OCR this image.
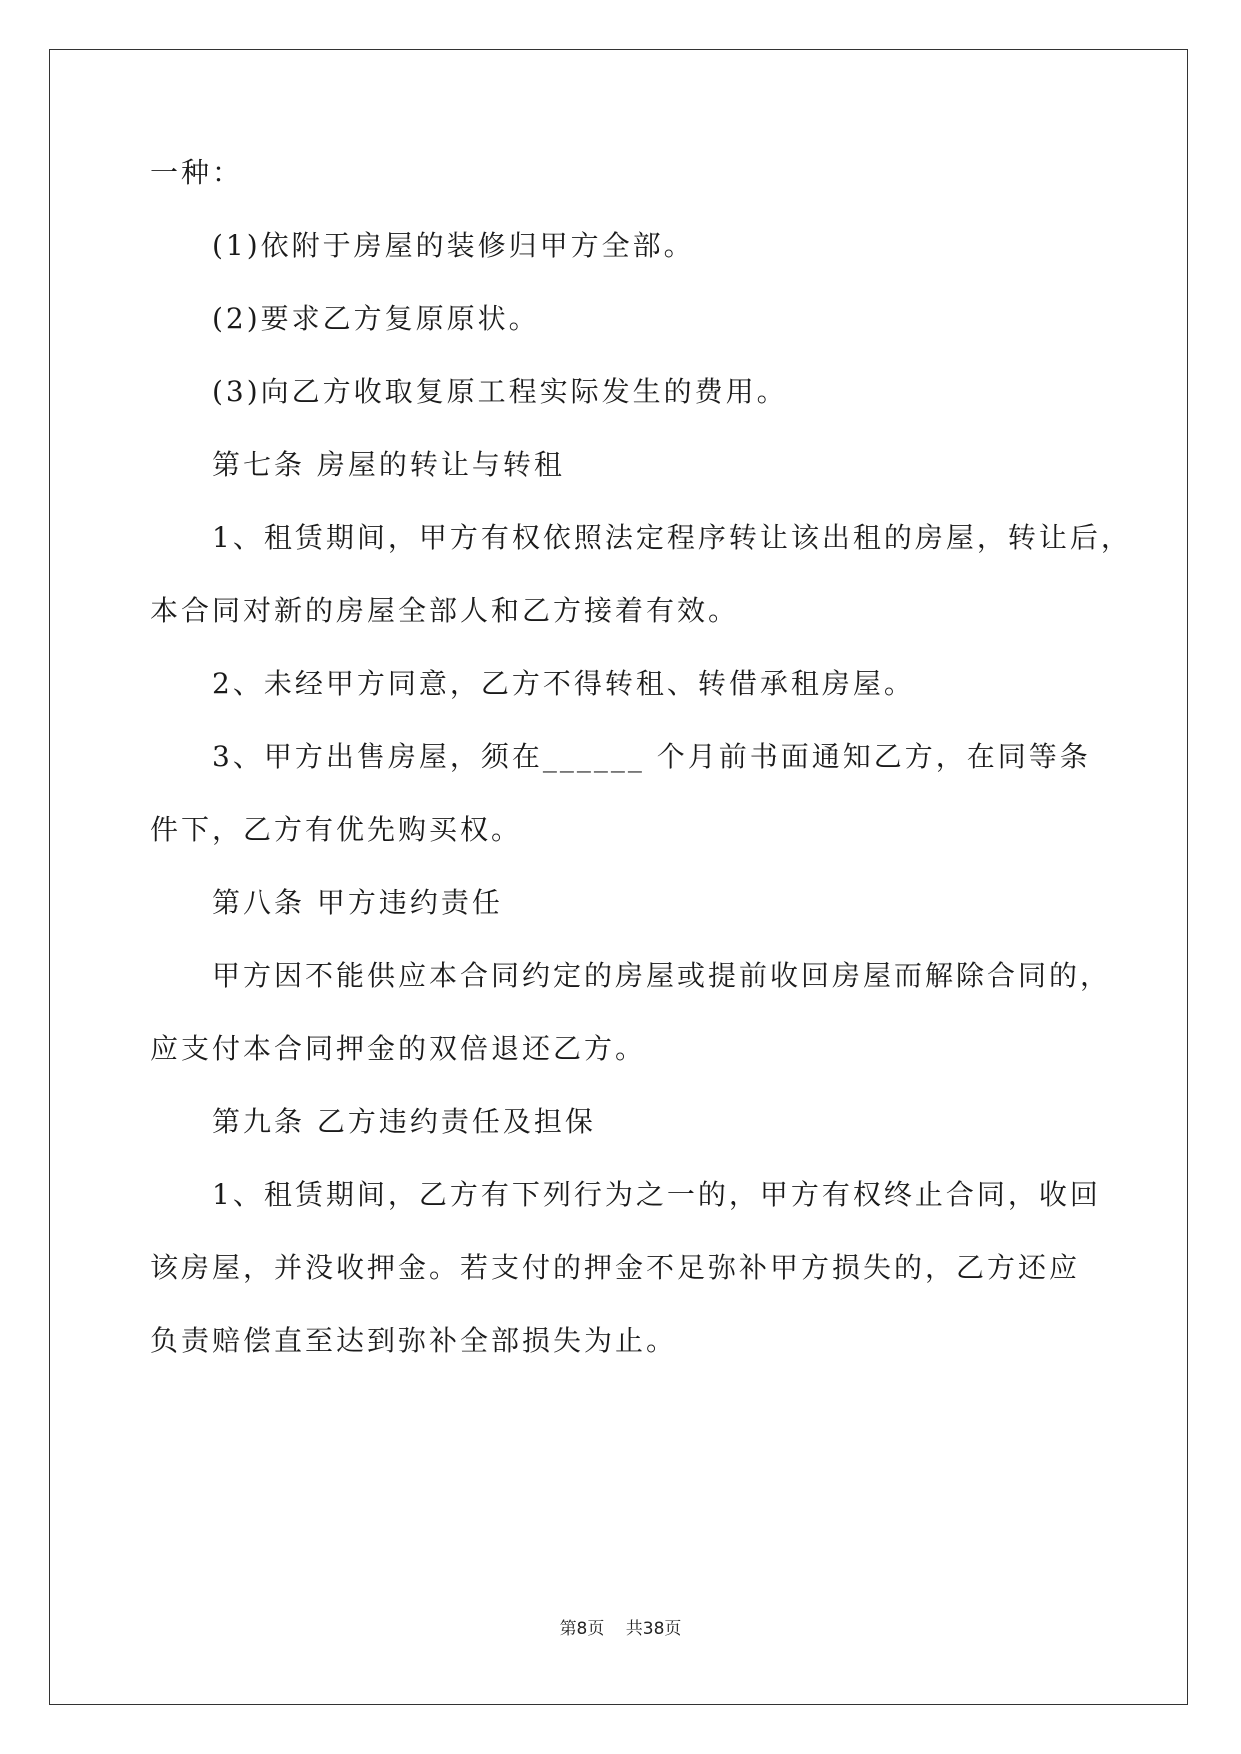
一种：
　　(1)依附于房屋的装修归甲方全部。
　　(2)要求乙方复原原状。
　　(3)向乙方收取复原工程实际发生的费用。
　　第七条 房屋的转让与转租
　　1、租赁期间，甲方有权依照法定程序转让该出租的房屋，转让后，
本合同对新的房屋全部人和乙方接着有效。
　　2、未经甲方同意，乙方不得转租、转借承租房屋。
　　3、甲方出售房屋，须在______ 个月前书面通知乙方，在同等条
件下，乙方有优先购买权。
　　第八条 甲方违约责任
　　甲方因不能供应本合同约定的房屋或提前收回房屋而解除合同的，
应支付本合同押金的双倍退还乙方。
　　第九条 乙方违约责任及担保
　　1、租赁期间，乙方有下列行为之一的，甲方有权终止合同，收回
该房屋，并没收押金。若支付的押金不足弥补甲方损失的，乙方还应
负责赔偿直至达到弥补全部损失为止。
第8页 共38页
